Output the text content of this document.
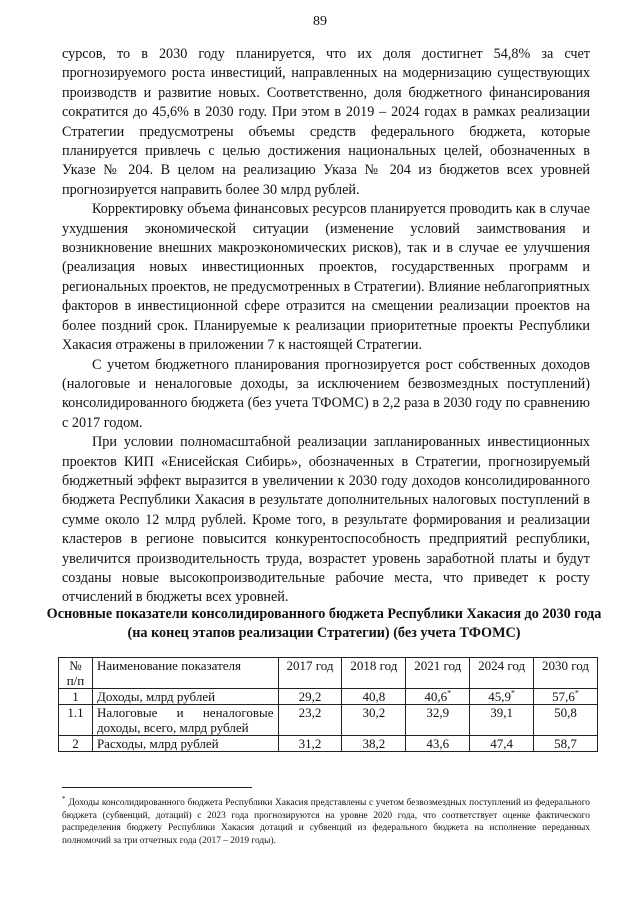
89

сурсов, то в 2030 году планируется, что их доля достигнет 54,8% за счет прогнозируемого роста инвестиций, направленных на модернизацию существующих производств и развитие новых. Соответственно, доля бюджетного финансирования сократится до 45,6% в 2030 году. При этом в 2019 – 2024 годах в рамках реализации Стратегии предусмотрены объемы средств федерального бюджета, которые планируется привлечь с целью достижения национальных целей, обозначенных в Указе № 204. В целом на реализацию Указа № 204 из бюджетов всех уровней прогнозируется направить более 30 млрд рублей.

Корректировку объема финансовых ресурсов планируется проводить как в случае ухудшения экономической ситуации (изменение условий заимствования и возникновение внешних макроэкономических рисков), так и в случае ее улучшения (реализация новых инвестиционных проектов, государственных программ и региональных проектов, не предусмотренных в Стратегии). Влияние неблагоприятных факторов в инвестиционной сфере отразится на смещении реализации проектов на более поздний срок. Планируемые к реализации приоритетные проекты Республики Хакасия отражены в приложении 7 к настоящей Стратегии.

С учетом бюджетного планирования прогнозируется рост собственных доходов (налоговые и неналоговые доходы, за исключением безвозмездных поступлений) консолидированного бюджета (без учета ТФОМС) в 2,2 раза в 2030 году по сравнению с 2017 годом.

При условии полномасштабной реализации запланированных инвестиционных проектов КИП «Енисейская Сибирь», обозначенных в Стратегии, прогнозируемый бюджетный эффект выразится в увеличении к 2030 году доходов консолидированного бюджета Республики Хакасия в результате дополнительных налоговых поступлений в сумме около 12 млрд рублей. Кроме того, в результате формирования и реализации кластеров в регионе повысится конкурентоспособность предприятий республики, увеличится производительность труда, возрастет уровень заработной платы и будут созданы новые высокопроизводительные рабочие места, что приведет к росту отчислений в бюджеты всех уровней.

Основные показатели консолидированного бюджета Республики Хакасия до 2030 года (на конец этапов реализации Стратегии) (без учета ТФОМС)
№ п/п	Наименование показателя	2017 год	2018 год	2021 год	2024 год	2030 год
1	Доходы, млрд рублей	29,2	40,8	40,6*	45,9*	57,6*
1.1	Налоговые и неналоговые доходы, всего, млрд рублей	23,2	30,2	32,9	39,1	50,8
2	Расходы, млрд рублей	31,2	38,2	43,6	47,4	58,7
* Доходы консолидированного бюджета Республики Хакасия представлены с учетом безвозмездных поступлений из федерального бюджета (субвенций, дотаций) с 2023 года прогнозируются на уровне 2020 года, что соответствует оценке фактического распределения бюджету Республики Хакасия дотаций и субвенций из федерального бюджета на исполнение переданных полномочий за три отчетных года (2017 – 2019 годы).
